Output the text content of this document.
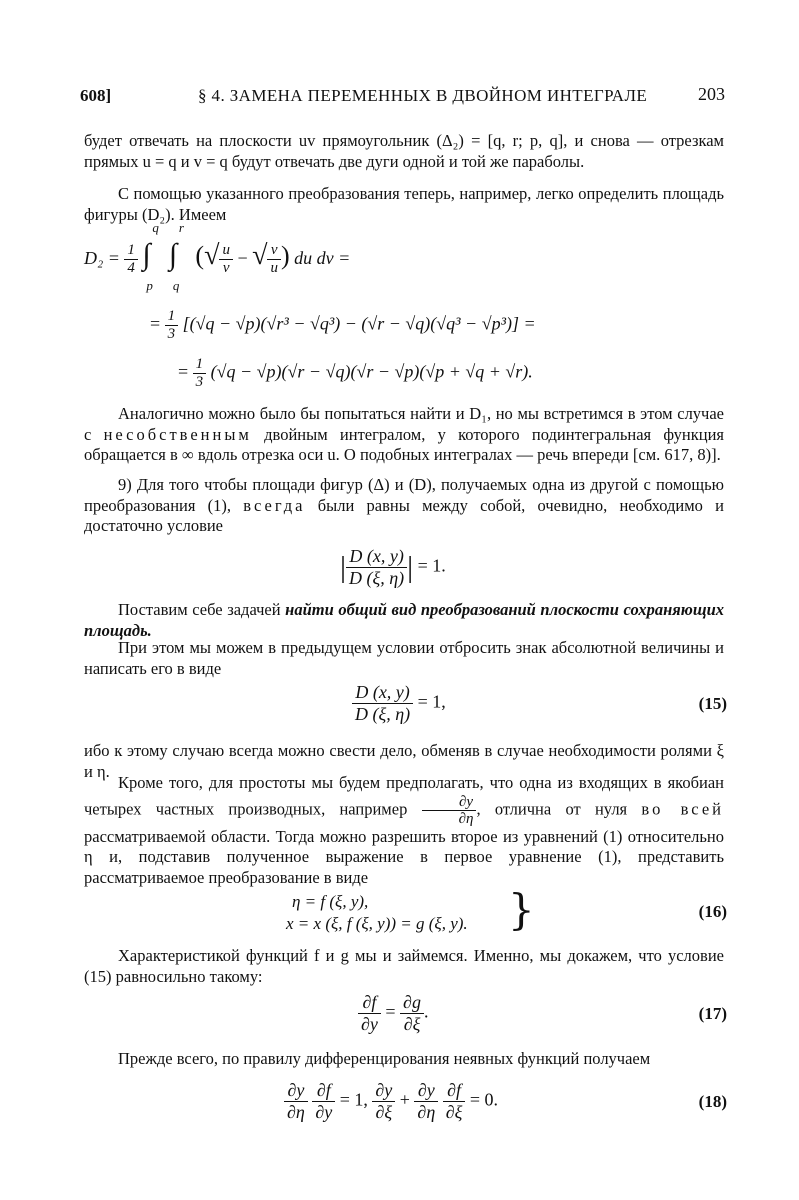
608]	§ 4. ЗАМЕНА ПЕРЕМЕННЫХ В ДВОЙНОМ ИНТЕГРАЛЕ	203

будет отвечать на плоскости uv прямоугольник (Δ₂) = [q, r; p, q], и снова — отрезкам прямых u = q и v = q будут отвечать две дуги одной и той же параболы.

С помощью указанного преобразования теперь, например, легко определить площадь фигуры (D₂). Имеем

$D_2 = \frac{1}{4}$ ∫
q
p
∫
r
q
(√ $\frac{u}{v}$ − √ $\frac{v}{u}$ ) du dv =
= $\frac{1}{3} [(√q - √p)(√r^3 - √q^3) - (√r - √q)(√q^3 - √p^3)]$ =
= $\frac{1}{3} (√q - √p)(√r - √q)(√r - √p)(√p + √q + √r)$.

Аналогично можно было бы попытаться найти и D₁, но мы встретимся в этом случае с несобственным двойным интегралом, у которого подинтегральная функция обращается в ∞ вдоль отрезка оси u. О подобных интегралах — речь впереди [см. 617, 8)].

9) Для того чтобы площади фигур (Δ) и (D), получаемых одна из другой с помощью преобразования (1), всегда были равны между собой, очевидно, необходимо и достаточно условие

| $\frac{D (x, y)}{D (\xi, \eta)}$ | = 1.

Поставим себе задачей найти общий вид преобразований плоскости сохраняющих площадь.

При этом мы можем в предыдущем условии отбросить знак абсолютной величины и написать его в виде

$\frac{D (x, y)}{D (\xi, \eta)} = 1$,	(15)

ибо к этому случаю всегда можно свести дело, обменяв в случае необходимости ролями ξ и η.

Кроме того, для простоты мы будем предполагать, что одна из входящих в якобиан четырех частных производных, например $\frac{\partial y}{\partial\eta}$ , отлична от нуля во всей рассматриваемой области. Тогда можно разрешить второе из уравнений (1) относительно η и, подставив полученное выражение в первое уравнение (1), представить рассматриваемое преобразование в виде

η = f (ξ, y),
x = x (ξ, f (ξ, y)) = g (ξ, y). }	(16)

Характеристикой функций f и g мы и займемся. Именно, мы докажем, что условие (15) равносильно такому:

$\frac{\partial f}{\partial y} = \frac{\partial g}{\partial\xi}$ .	(17)

Прежде всего, по правилу дифференцирования неявных функций получаем

$\frac{\partial y}{\partial\eta}$
$\frac{\partial f}{\partial y} = 1$, $\frac{\partial y}{\partial\xi} + \frac{\partial y}{\partial\eta}$
$\frac{\partial f}{\partial\xi} = 0$.	(18)
